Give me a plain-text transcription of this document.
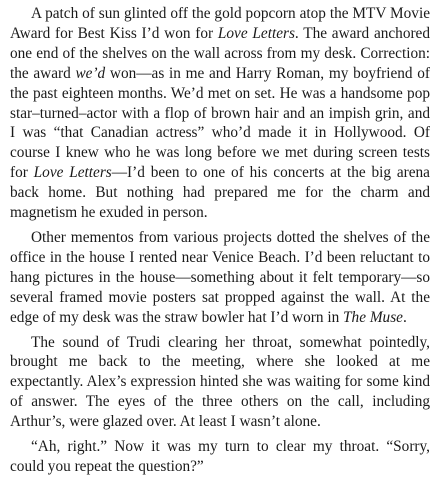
A patch of sun glinted off the gold popcorn atop the MTV Movie Award for Best Kiss I’d won for Love Letters. The award anchored one end of the shelves on the wall across from my desk. Correction: the award we’d won—as in me and Harry Roman, my boyfriend of the past eighteen months. We’d met on set. He was a handsome pop star–turned–actor with a flop of brown hair and an impish grin, and I was “that Canadian actress” who’d made it in Hollywood. Of course I knew who he was long before we met during screen tests for Love Letters—I’d been to one of his concerts at the big arena back home. But nothing had prepared me for the charm and magnetism he exuded in person.

Other mementos from various projects dotted the shelves of the office in the house I rented near Venice Beach. I’d been reluctant to hang pictures in the house—something about it felt temporary—so several framed movie posters sat propped against the wall. At the edge of my desk was the straw bowler hat I’d worn in The Muse.

The sound of Trudi clearing her throat, somewhat pointedly, brought me back to the meeting, where she looked at me expectantly. Alex’s expression hinted she was waiting for some kind of answer. The eyes of the three others on the call, including Arthur’s, were glazed over. At least I wasn’t alone.

“Ah, right.” Now it was my turn to clear my throat. “Sorry, could you repeat the question?”
